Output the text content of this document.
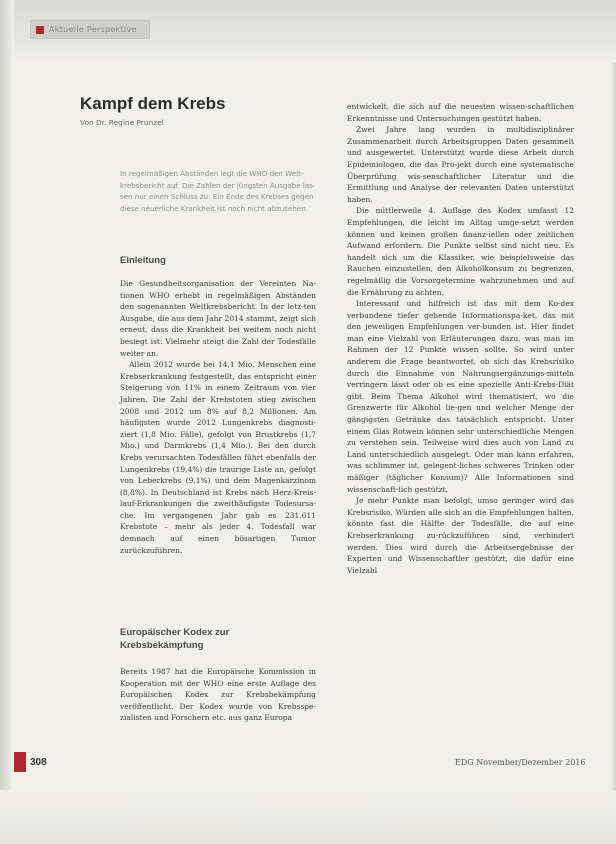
Aktuelle Perspektive
Kampf dem Krebs
Von Dr. Regine Prunzel
In regelmäßigen Abständen legt die WHO den Welt-krebsbericht auf. Die Zahlen der jüngsten Ausgabe las-sen nur einen Schluss zu: Ein Ende des Krebses gegen diese neuerliche Krankheit ist noch nicht abzusehen.
Einleitung

Die Gesundheitsorganisation der Vereinten Na-tionen WHO erhebt in regelmäßigen Abständen den sogenannten Weltkrebsbericht. In der letz-ten Ausgabe, die aus dem Jahr 2014 stammt, zeigt sich erneut, dass die Krankheit bei weitem noch nicht besiegt ist: Vielmehr steigt die Zahl der Todesfälle weiter an.

Allein 2012 wurde bei 14,1 Mio. Menschen eine Krebserkrankung festgestellt, das entspricht einer Steigerung von 11% in einem Zeitraum von vier Jahren. Die Zahl der Krebstoten stieg zwischen 2008 und 2012 um 8% auf 8,2 Millionen. Am häufigsten wurde 2012 Lungenkrebs diagnosti-ziert (1,8 Mio. Fälle), gefolgt von Brustkrebs (1,7 Mio.) und Darmkrebs (1,4 Mio.). Bei den durch Krebs verursachten Todesfällen führt ebenfalls der Lungenkrebs (19,4%) die traurige Liste an, gefolgt von Leberkrebs (9,1%) und dem Magenkarzinom (8,8%). In Deutschland ist Krebs nach Herz-Kreis-lauf-Erkrankungen die zweithäufigste Todesursa-che. Im vergangenen Jahr gab es 231.611 Krebstote – mehr als jeder 4. Todesfall war demnach auf einen bösartigen Tumor zurückzuführen.

Europäischer Kodex zur Krebsbekämpfung

Bereits 1987 hat die Europäische Kommission in Kooperation mit der WHO eine erste Auflage des Europäischen Kodex zur Krebsbekämpfung veröffentlicht. Der Kodex wurde von Krebsspe-zialisten und Forschern etc. aus ganz Europa

entwickelt, die sich auf die neuesten wissen-schaftlichen Erkenntnisse und Untersuchungen gestützt haben.

Zwei Jahre lang wurden in multidisziplinärer Zusammenarbeit durch Arbeitsgruppen Daten gesammelt und ausgewertet. Unterstützt wurde diese Arbeit durch Epidemiologen, die das Pro-jekt durch eine systematische Überprüfung wis-senschaftlicher Literatur und die Ermittlung und Analyse der relevanten Daten unterstützt haben.

Die mittlerweile 4. Auflage des Kodex umfasst 12 Empfehlungen, die leicht im Alltag umge-setzt werden können und keinen großen finanz-iellen oder zeitlichen Aufwand erfordern. Die Punkte selbst sind nicht neu. Es handelt sich um die Klassiker, wie beispielsweise das Rauchen einzustellen, den Alkoholkonsum zu begrenzen, regelmäßig die Vorsorgetermine wahrzunehmen und auf die Ernährung zu achten.

Interessant und hilfreich ist das mit dem Ko-dex verbundene tiefer gehende Informationspa-ket, das mit den jeweiligen Empfehlungen ver-bunden ist. Hier findet man eine Vielzahl von Erläuterungen dazu, was man im Rahmen der 12 Punkte wissen sollte. So wird unter anderem die Frage beantwortet, ob sich das Krebsrisiko durch die Einnahme von Nahrungsergänzungs-mitteln verringern lässt oder ob es eine spezielle Anti-Krebs-Diät gibt. Beim Thema Alkohol wird thematisiert, wo die Grenzwerte für Alkohol lie-gen und welcher Menge der gängigsten Getränke das tatsächlich entspricht. Unter einem Glas Rotwein können sehr unterschiedliche Mengen zu verstehen sein. Teilweise wird dies auch von Land zu Land unterschiedlich ausgelegt. Oder man kann erfahren, was schlimmer ist, gelegent-liches schweres Trinken oder mäßiger (täglicher Konsum)? Alle Informationen sind wissenschaft-lich gestützt.

Je mehr Punkte man befolgt, umso geringer wird das Krebsrisiko. Würden alle sich an die Empfehlungen halten, könnte fast die Hälfte der Todesfälle, die auf eine Krebserkrankung zu-rückzuführen sind, verhindert werden. Dies wird durch die Arbeitsergebnisse der Experten und Wissenschaftler gestützt, die dafür eine Vielzahl

308	EDG November/Dezember 2016
